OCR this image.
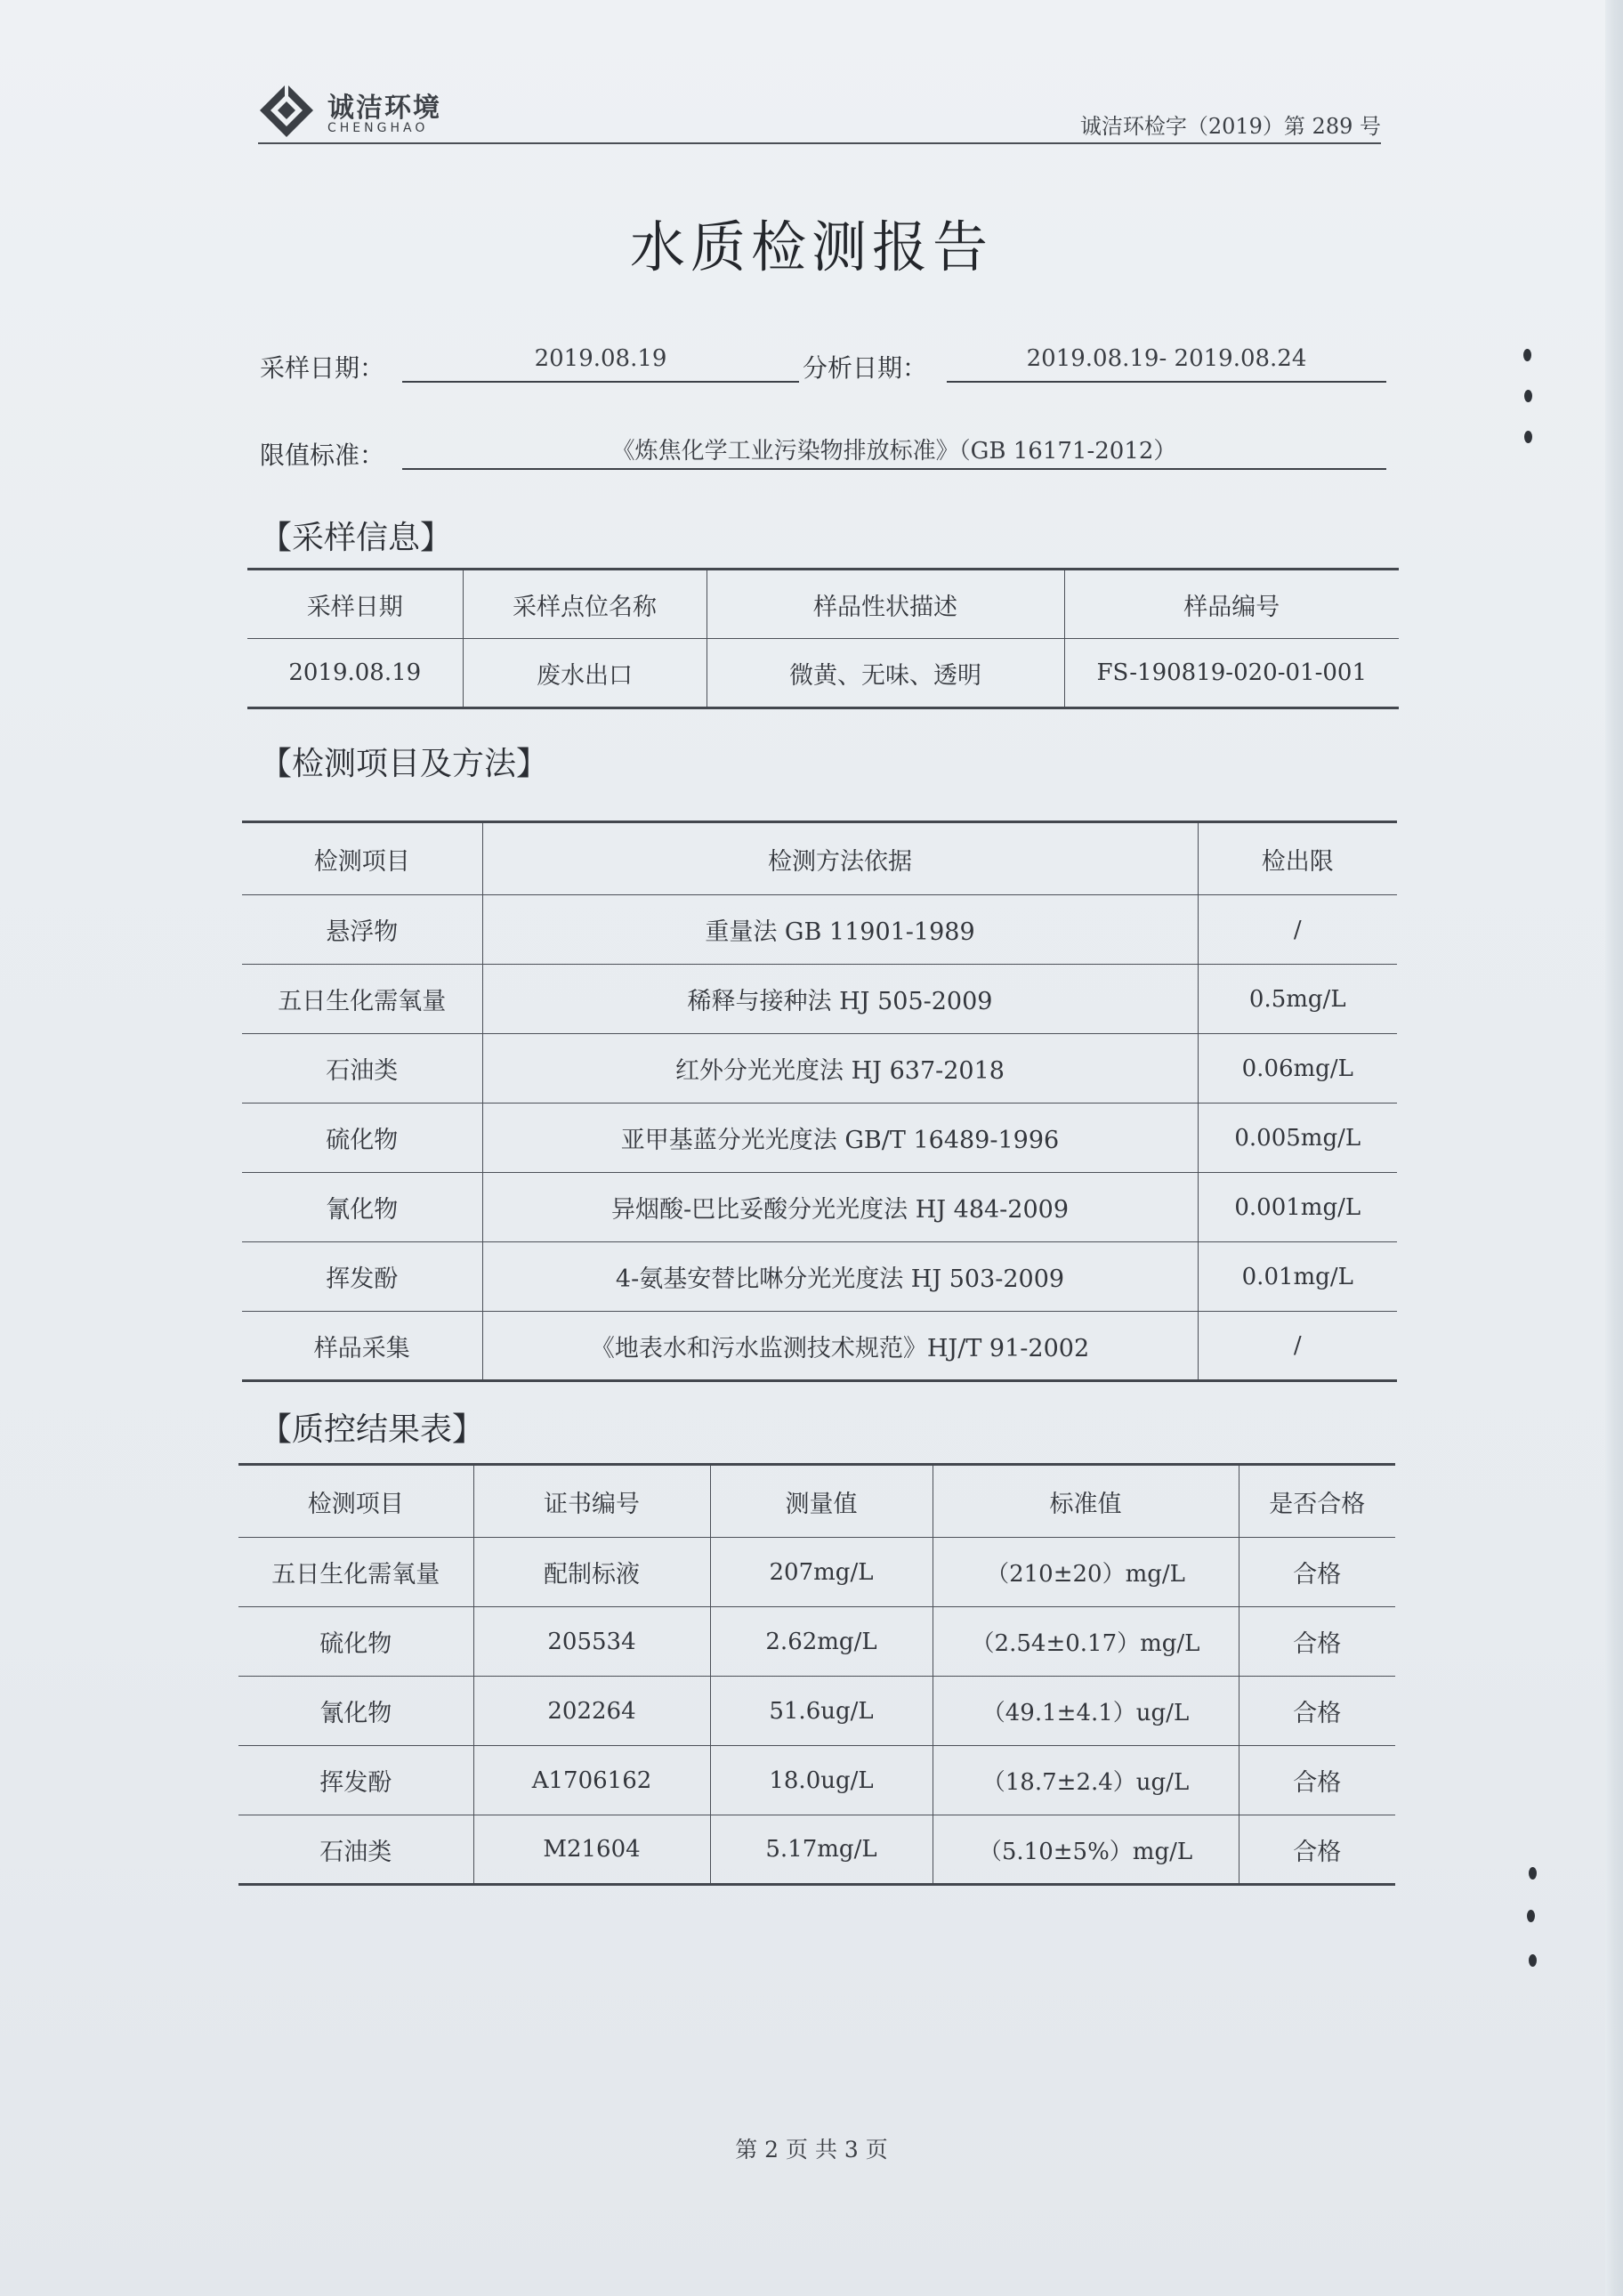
诚洁环境
CHENGHAO	诚洁环检字（2019）第 289 号
水质检测报告
采样日期：	2019.08.19	分析日期：	2019.08.19- 2019.08.24
限值标准：	《炼焦化学工业污染物排放标准》（GB 16171-2012）
【采样信息】
采样日期	采样点位名称	样品性状描述	样品编号
2019.08.19	废水出口	微黄、无味、透明	FS-190819-020-01-001
【检测项目及方法】
检测项目	检测方法依据	检出限
悬浮物	重量法 GB 11901-1989	/
五日生化需氧量	稀释与接种法 HJ 505-2009	0.5mg/L
石油类	红外分光光度法 HJ 637-2018	0.06mg/L
硫化物	亚甲基蓝分光光度法 GB/T 16489-1996	0.005mg/L
氰化物	异烟酸-巴比妥酸分光光度法 HJ 484-2009	0.001mg/L
挥发酚	4-氨基安替比啉分光光度法 HJ 503-2009	0.01mg/L
样品采集	《地表水和污水监测技术规范》HJ/T 91-2002	/
【质控结果表】
检测项目	证书编号	测量值	标准值	是否合格
五日生化需氧量	配制标液	207mg/L	（210±20）mg/L	合格
硫化物	205534	2.62mg/L	（2.54±0.17）mg/L	合格
氰化物	202264	51.6ug/L	（49.1±4.1）ug/L	合格
挥发酚	A1706162	18.0ug/L	（18.7±2.4）ug/L	合格
石油类	M21604	5.17mg/L	（5.10±5%）mg/L	合格
第 2 页 共 3 页
